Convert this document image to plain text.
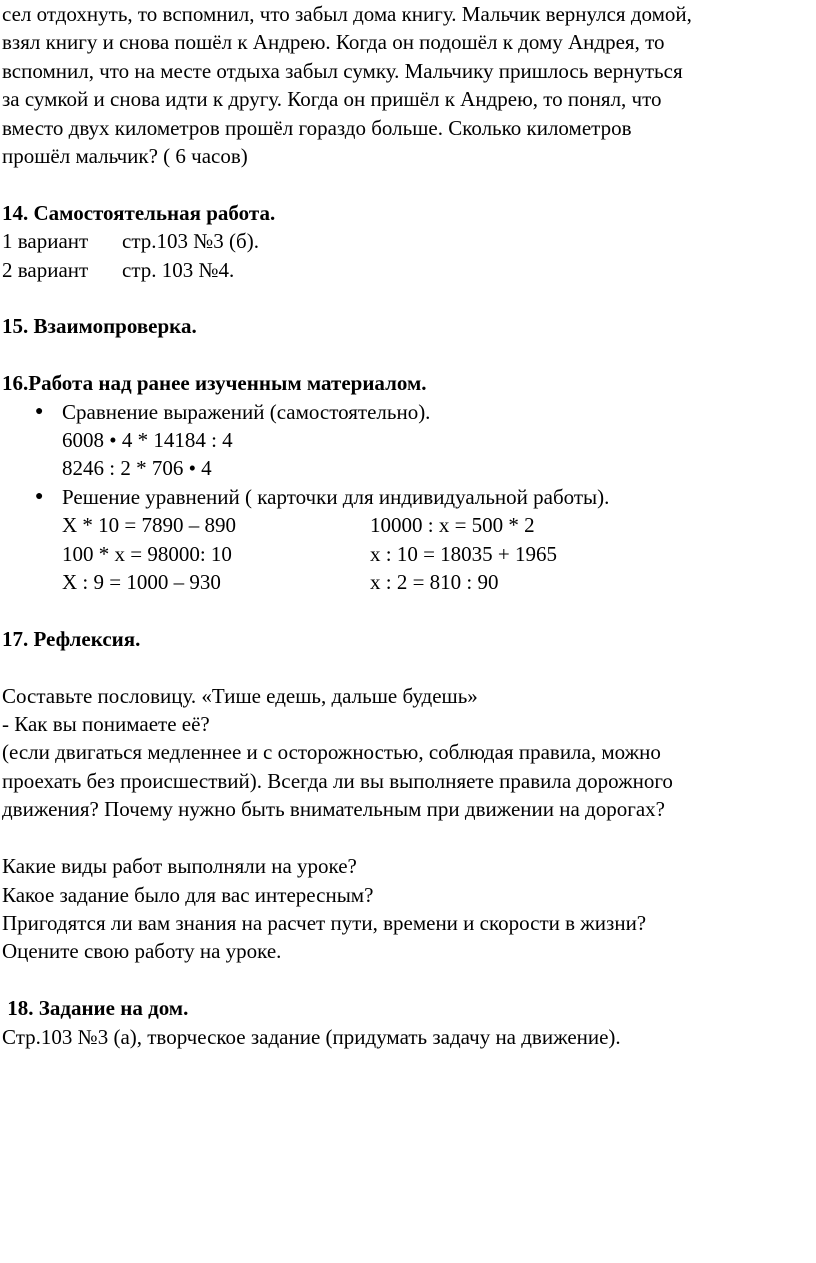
сел отдохнуть, то вспомнил, что забыл дома книгу. Мальчик вернулся домой,
взял книгу и снова пошёл к Андрею. Когда он подошёл к дому Андрея, то
вспомнил, что на месте отдыха забыл сумку. Мальчику пришлось вернуться
за сумкой и снова идти к другу. Когда он пришёл к Андрею, то понял, что
вместо двух километров прошёл гораздо больше. Сколько километров
прошёл мальчик? ( 6 часов)
14. Самостоятельная работа.
1 вариант	стр.103 №3 (б).
2 вариант	стр. 103 №4.
15. Взаимопроверка.
16.Работа над ранее изученным материалом.
● Сравнение выражений (самостоятельно).
6008 • 4 * 14184 : 4
8246 : 2 * 706 • 4
● Решение уравнений ( карточки для индивидуальной работы).
Х * 10 = 7890 – 890	10000 : х = 500 * 2
100 * х = 98000: 10	х : 10 = 18035 + 1965
Х : 9 = 1000 – 930	х : 2 = 810 : 90
17. Рефлексия.
Составьте пословицу. «Тише едешь, дальше будешь»
- Как вы понимаете её?
(если двигаться медленнее и с осторожностью, соблюдая правила, можно
проехать без происшествий). Всегда ли вы выполняете правила дорожного
движения? Почему нужно быть внимательным при движении на дорогах?
Какие виды работ выполняли на уроке?
Какое задание было для вас интересным?
Пригодятся ли вам знания на расчет пути, времени и скорости в жизни?
Оцените свою работу на уроке.
18. Задание на дом.
Стр.103 №3 (а), творческое задание (придумать задачу на движение).
